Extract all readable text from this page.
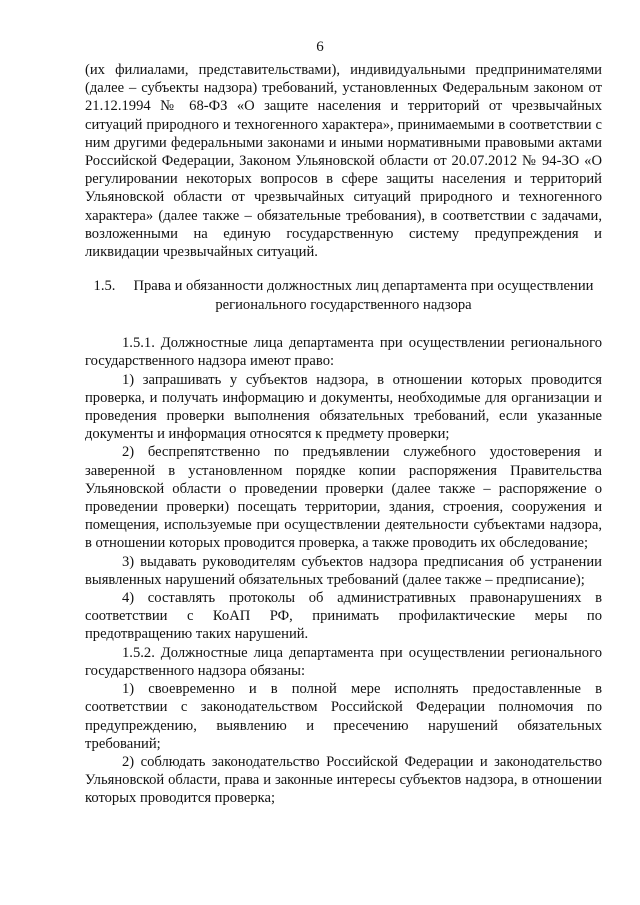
6

(их филиалами, представительствами), индивидуальными предпринимателями (далее – субъекты надзора) требований, установленных Федеральным законом от 21.12.1994 № 68-ФЗ «О защите населения и территорий от чрезвычайных ситуаций природного и техногенного характера», принимаемыми в соответствии с ним другими федеральными законами и иными нормативными правовыми актами Российской Федерации, Законом Ульяновской области от 20.07.2012 № 94-ЗО «О регулировании некоторых вопросов в сфере защиты населения и территорий Ульяновской области от чрезвычайных ситуаций природного и техногенного характера» (далее также – обязательные требования), в соответствии с задачами, возложенными на единую государственную систему предупреждения и ликвидации чрезвычайных ситуаций.

1.5. Права и обязанности должностных лиц департамента при осуществлении регионального государственного надзора

1.5.1. Должностные лица департамента при осуществлении регионального государственного надзора имеют право:

1) запрашивать у субъектов надзора, в отношении которых проводится проверка, и получать информацию и документы, необходимые для организации и проведения проверки выполнения обязательных требований, если указанные документы и информация относятся к предмету проверки;

2) беспрепятственно по предъявлении служебного удостоверения и заверенной в установленном порядке копии распоряжения Правительства Ульяновской области о проведении проверки (далее также – распоряжение о проведении проверки) посещать территории, здания, строения, сооружения и помещения, используемые при осуществлении деятельности субъектами надзора, в отношении которых проводится проверка, а также проводить их обследование;

3) выдавать руководителям субъектов надзора предписания об устранении выявленных нарушений обязательных требований (далее также – предписание);

4) составлять протоколы об административных правонарушениях в соответствии с КоАП РФ, принимать профилактические меры по предотвращению таких нарушений.

1.5.2. Должностные лица департамента при осуществлении регионального государственного надзора обязаны:

1) своевременно и в полной мере исполнять предоставленные в соответствии с законодательством Российской Федерации полномочия по предупреждению, выявлению и пресечению нарушений обязательных требований;

2) соблюдать законодательство Российской Федерации и законодательство Ульяновской области, права и законные интересы субъектов надзора, в отношении которых проводится проверка;
